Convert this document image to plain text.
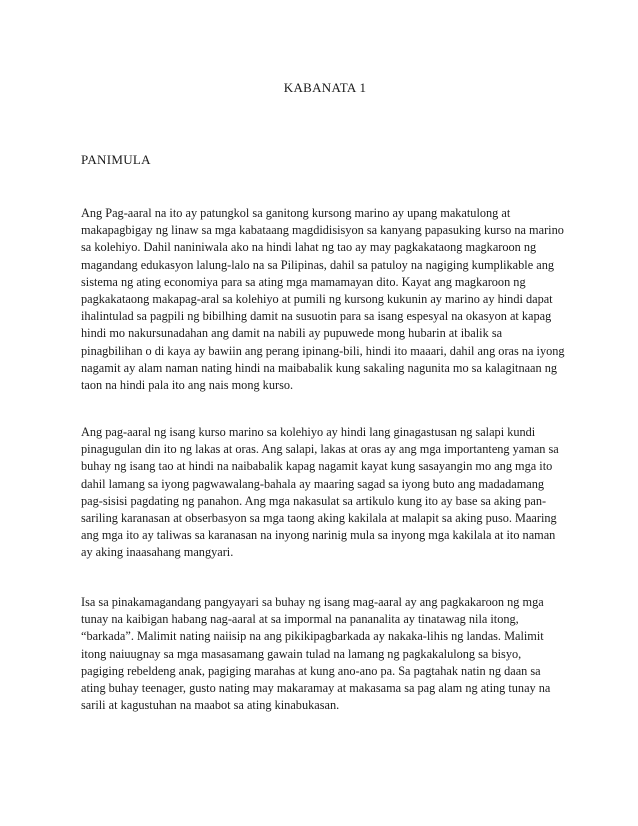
KABANATA 1
PANIMULA

Ang Pag-aaral na ito ay patungkol sa ganitong kursong marino ay upang makatulong at makapagbigay ng linaw sa mga kabataang magdidisisyon sa kanyang papasuking kurso na marino sa kolehiyo. Dahil naniniwala ako na hindi lahat ng tao ay may pagkakataong magkaroon ng magandang edukasyon lalung-lalo na sa Pilipinas, dahil sa patuloy na nagiging kumplikable ang sistema ng ating economiya para sa ating mga mamamayan dito. Kayat ang magkaroon ng pagkakataong makapag-aral sa kolehiyo at pumili ng kursong kukunin ay marino ay hindi dapat ihalintulad sa pagpili ng bibilhing damit na susuotin para sa isang espesyal na okasyon at kapag hindi mo nakursunadahan ang damit na nabili ay pupuwede mong hubarin at ibalik sa pinagbilihan o di kaya ay bawiin ang perang ipinang-bili, hindi ito maaari, dahil ang oras na iyong nagamit ay alam naman nating hindi na maibabalik kung sakaling nagunita mo sa kalagitnaan ng taon na hindi pala ito ang nais mong kurso.

Ang pag-aaral ng isang kurso marino sa kolehiyo ay hindi lang ginagastusan ng salapi kundi pinagugulan din ito ng lakas at oras. Ang salapi, lakas at oras ay ang mga importanteng yaman sa buhay ng isang tao at hindi na naibabalik kapag nagamit kayat kung sasayangin mo ang mga ito dahil lamang sa iyong pagwawalang-bahala ay maaring sagad sa iyong buto ang madadamang pag-sisisi pagdating ng panahon. Ang mga nakasulat sa artikulo kung ito ay base sa aking pan-sariling karanasan at obserbasyon sa mga taong aking kakilala at malapit sa aking puso. Maaring ang mga ito ay taliwas sa karanasan na inyong narinig mula sa inyong mga kakilala at ito naman ay aking inaasahang mangyari.

Isa sa pinakamagandang pangyayari sa buhay ng isang mag-aaral ay ang pagkakaroon ng mga tunay na kaibigan habang nag-aaral at sa impormal na pananalita ay tinatawag nila itong, “barkada”. Malimit nating naiisip na ang pikikipagbarkada ay nakaka-lihis ng landas. Malimit itong naiuugnay sa mga masasamang gawain tulad na lamang ng pagkakalulong sa bisyo, pagiging rebeldeng anak, pagiging marahas at kung ano-ano pa. Sa pagtahak natin ng daan sa ating buhay teenager, gusto nating may makaramay at makasama sa pag alam ng ating tunay na sarili at kagustuhan na maabot sa ating kinabukasan.
